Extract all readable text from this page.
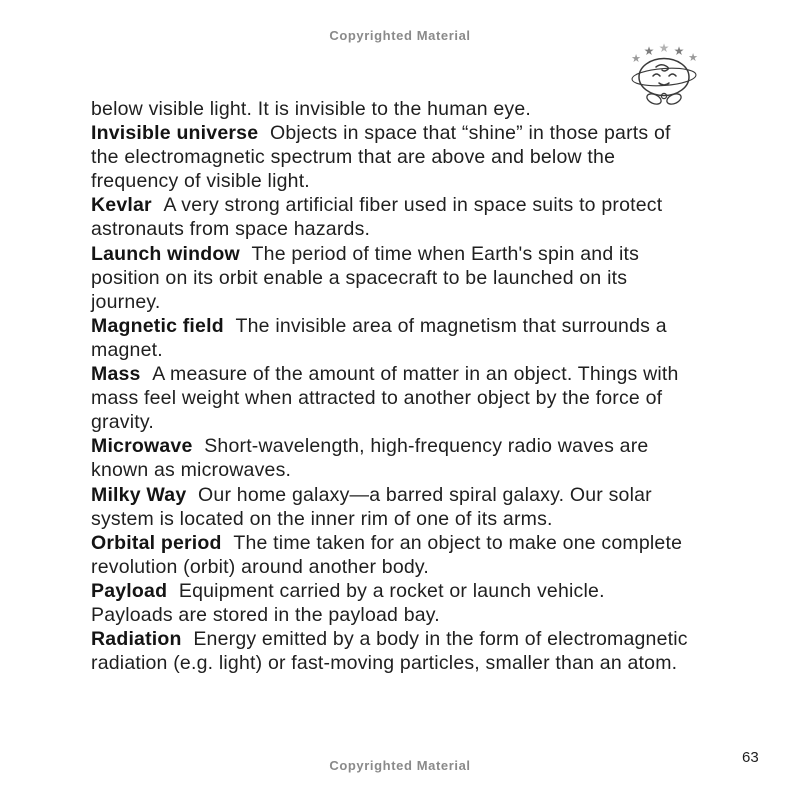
Copyrighted Material
★
★ ★ ★ ★

below visible light. It is invisible to the human eye.

Invisible universe Objects in space that “shine” in those parts of the electromagnetic spectrum that are above and below the frequency of visible light.

Kevlar A very strong artificial fiber used in space suits to protect astronauts from space hazards.

Launch window The period of time when Earth's spin and its position on its orbit enable a spacecraft to be launched on its journey.

Magnetic field The invisible area of magnetism that surrounds a magnet.

Mass A measure of the amount of matter in an object. Things with mass feel weight when attracted to another object by the force of gravity.

Microwave Short-wavelength, high-frequency radio waves are known as microwaves.

Milky Way Our home galaxy—a barred spiral galaxy. Our solar system is located on the inner rim of one of its arms.

Orbital period The time taken for an object to make one complete revolution (orbit) around another body.

Payload Equipment carried by a rocket or launch vehicle. Payloads are stored in the payload bay.

Radiation Energy emitted by a body in the form of electromagnetic radiation (e.g. light) or fast-moving particles, smaller than an atom.

63
Copyrighted Material
